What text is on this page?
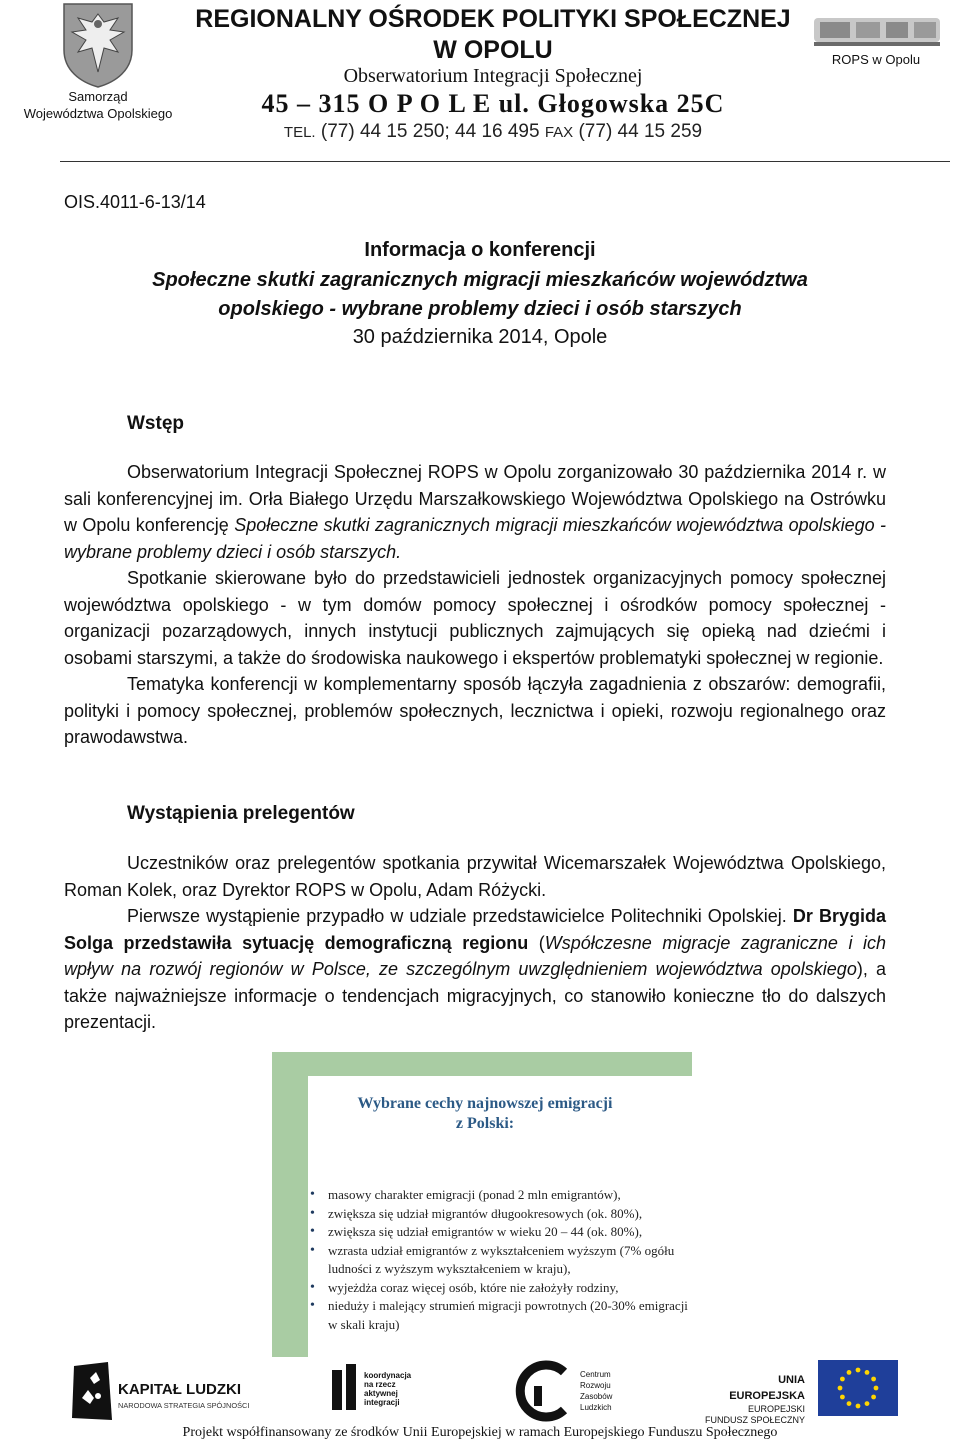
Samorząd
Województwa Opolskiego
REGIONALNY OŚRODEK POLITYKI SPOŁECZNEJ
W OPOLU
Obserwatorium Integracji Społecznej
45 – 315 O P O L E ul. Głogowska 25C
TEL. (77) 44 15 250; 44 16 495 FAX (77) 44 15 259
ROPS w Opolu
OIS.4011-6-13/14
Informacja o konferencji
Społeczne skutki zagranicznych migracji mieszkańców województwa
opolskiego - wybrane problemy dzieci i osób starszych
30 października 2014, Opole
Wstęp

Obserwatorium Integracji Społecznej ROPS w Opolu zorganizowało 30 października 2014 r. w sali konferencyjnej im. Orła Białego Urzędu Marszałkowskiego Województwa Opolskiego na Ostrówku w Opolu konferencję Społeczne skutki zagranicznych migracji mieszkańców województwa opolskiego - wybrane problemy dzieci i osób starszych.

Spotkanie skierowane było do przedstawicieli jednostek organizacyjnych pomocy społecznej województwa opolskiego - w tym domów pomocy społecznej i ośrodków pomocy społecznej - organizacji pozarządowych, innych instytucji publicznych zajmujących się opieką nad dziećmi i osobami starszymi, a także do środowiska naukowego i ekspertów problematyki społecznej w regionie.

Tematyka konferencji w komplementarny sposób łączyła zagadnienia z obszarów: demografii, polityki i pomocy społecznej, problemów społecznych, lecznictwa i opieki, rozwoju regionalnego oraz prawodawstwa.

Wystąpienia prelegentów

Uczestników oraz prelegentów spotkania przywitał Wicemarszałek Województwa Opolskiego, Roman Kolek, oraz Dyrektor ROPS w Opolu, Adam Różycki.

Pierwsze wystąpienie przypadło w udziale przedstawicielce Politechniki Opolskiej. Dr Brygida Solga przedstawiła sytuację demograficzną regionu (Współczesne migracje zagraniczne i ich wpływ na rozwój regionów w Polsce, ze szczególnym uwzględnieniem województwa opolskiego), a także najważniejsze informacje o tendencjach migracyjnych, co stanowiło konieczne tło do dalszych prezentacji.

Wybrane cechy najnowszej emigracji
z Polski:
• masowy charakter emigracji (ponad 2 mln emigrantów),
• zwiększa się udział migrantów długookresowych (ok. 80%),
• zwiększa się udział emigrantów w wieku 20 – 44 (ok. 80%),
• wzrasta udział emigrantów z wykształceniem wyższym (7% ogółu ludności z wyższym wykształceniem w kraju),
• wyjeżdża coraz więcej osób, które nie założyły rodziny,
• nieduży i malejący strumień migracji powrotnych (20-30% emigracji w skali kraju)
KAPITAŁ LUDZKI
NARODOWA STRATEGIA SPÓJNOŚCI
koordynacja na rzecz aktywnej integracji
Centrum Rozwoju Zasobów Ludzkich
UNIA EUROPEJSKA
EUROPEJSKI
FUNDUSZ SPOŁECZNY
Projekt współfinansowany ze środków Unii Europejskiej w ramach Europejskiego Funduszu Społecznego
